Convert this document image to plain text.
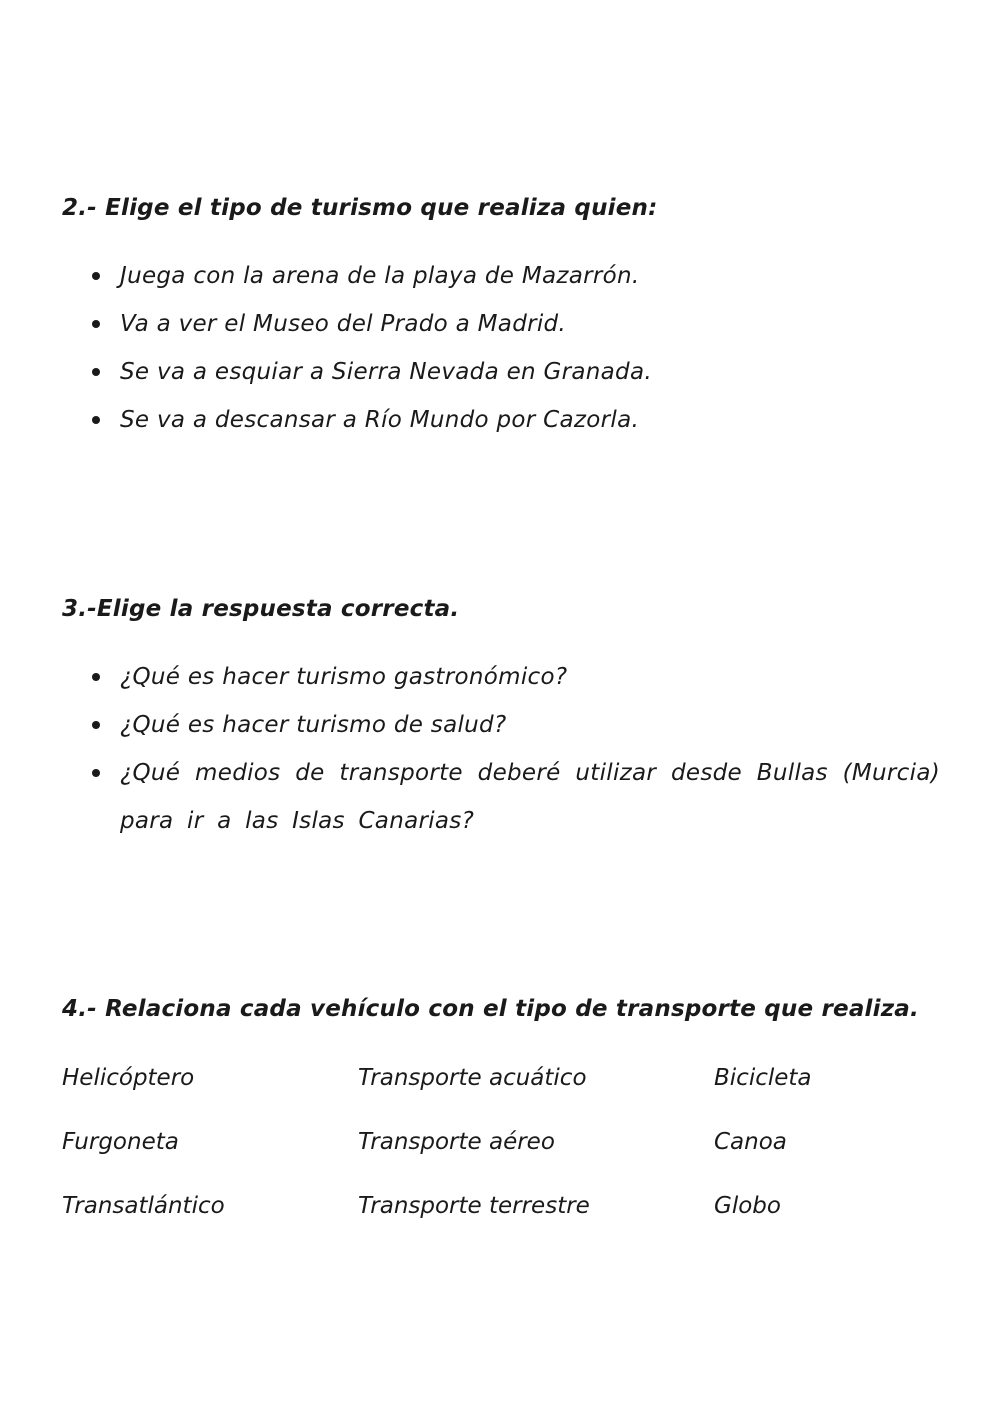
2.- Elige el tipo de turismo que realiza quien:
Juega con la arena de la playa de Mazarrón.
Va a ver el Museo del Prado a Madrid.
Se va a esquiar a Sierra Nevada en Granada.
Se va a descansar a Río Mundo por Cazorla.
3.-Elige la respuesta correcta.
¿Qué es hacer turismo gastronómico?
¿Qué es hacer turismo de salud?
¿Qué medios de transporte deberé utilizar desde Bullas (Murcia) para ir a las Islas Canarias?
4.- Relaciona cada vehículo con el tipo de transporte que realiza.
Helicóptero
Furgoneta
Transatlántico
Transporte acuático
Transporte aéreo
Transporte terrestre
Bicicleta
Canoa
Globo
